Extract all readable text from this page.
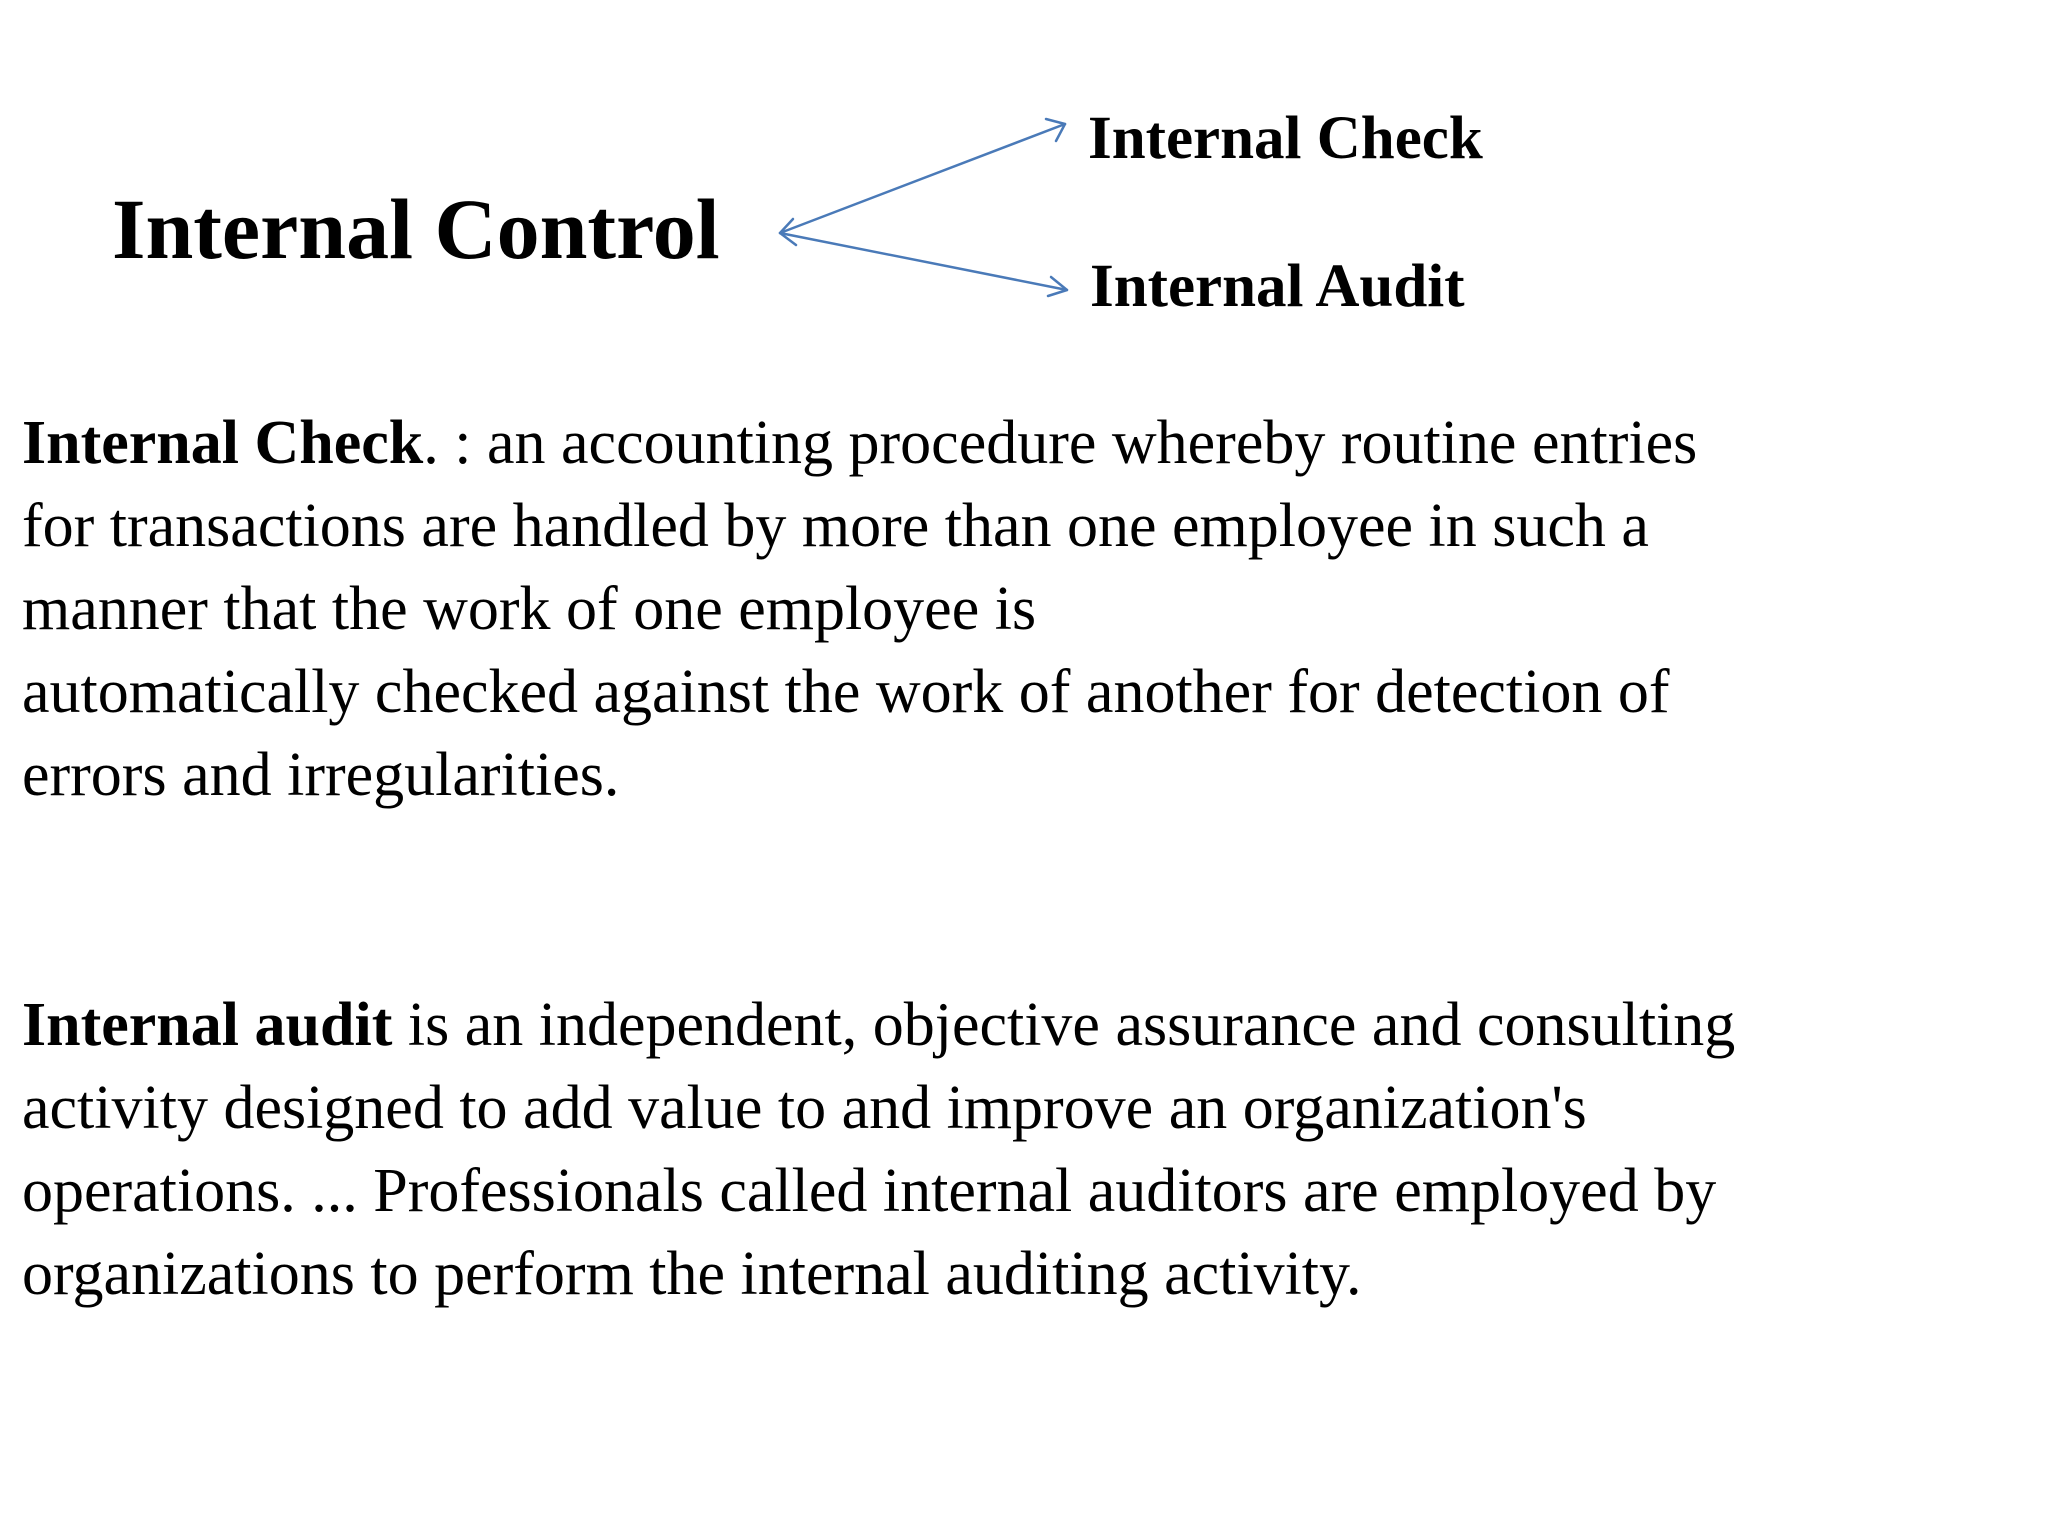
Internal Control
Internal Check
Internal Audit
Internal Check. : an accounting procedure whereby routine entries
for transactions are handled by more than one employee in such a
manner that the work of one employee is
automatically checked against the work of another for detection of
errors and irregularities.
Internal audit is an independent, objective assurance and consulting
activity designed to add value to and improve an organization's
operations. ... Professionals called internal auditors are employed by
organizations to perform the internal auditing activity.
